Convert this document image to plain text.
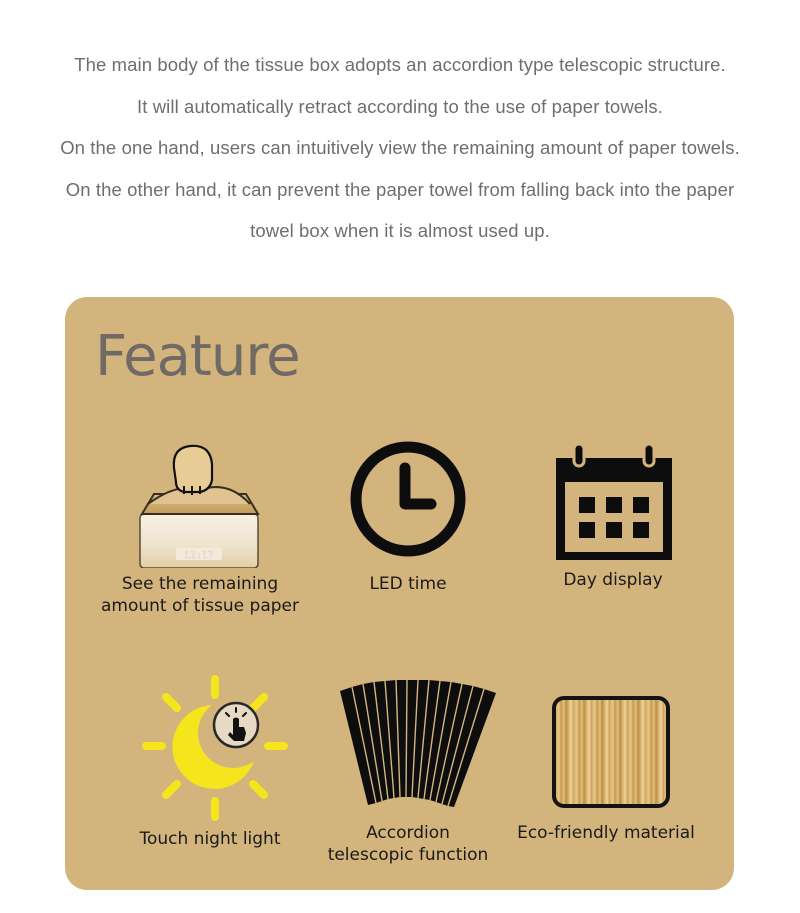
The main body of the tissue box adopts an accordion type telescopic structure.

It will automatically retract according to the use of paper towels.

On the one hand, users can intuitively view the remaining amount of paper towels.

On the other hand, it can prevent the paper towel from falling back into the paper

towel box when it is almost used up.

Feature
12:17
See the remaining
amount of tissue paper
LED time	Day display
Touch night light	Accordion
telescopic function
Eco-friendly material
